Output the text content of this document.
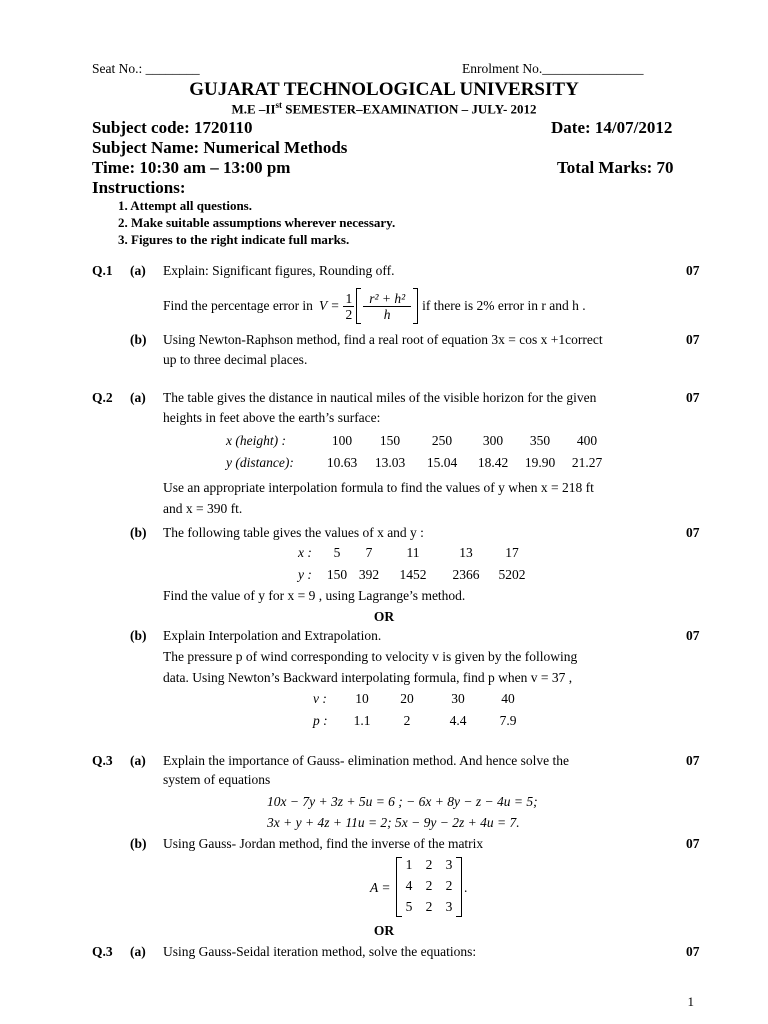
Seat No.: ________	Enrolment No._______________
GUJARAT TECHNOLOGICAL UNIVERSITY
M.E –IIst SEMESTER–EXAMINATION – JULY- 2012
Subject code: 1720110	Date: 14/07/2012
Subject Name: Numerical Methods
Time: 10:30 am – 13:00 pm	Total Marks: 70
Instructions:
1. Attempt all questions.
2. Make suitable assumptions wherever necessary.
3. Figures to the right indicate full marks.
Q.1 (a) Explain: Significant figures, Rounding off.	07
Find the percentage error in $V = \frac{1}{2} \frac{\text{r² + h²}}{h}$ if there is 2% error in r and h .
(b) Using Newton-Raphson method, find a real root of equation 3x = cos x +1correct	07
up to three decimal places.
Q.2 (a) The table gives the distance in nautical miles of the visible horizon for the given	07
heights in feet above the earth’s surface:
x (height) :	100 150 250 300 350 400
y (distance): 10.63 13.03 15.04 18.42 19.90 21.27
Use an appropriate interpolation formula to find the values of y when x = 218 ft
and x = 390 ft.
(b) The following table gives the values of x and y :	07
x : 5 7	11	13 17
y : 150 392 1452 2366 5202
Find the value of y for x = 9 , using Lagrange’s method.
OR
(b) Explain Interpolation and Extrapolation.	07
The pressure p of wind corresponding to velocity v is given by the following
data. Using Newton’s Backward interpolating formula, find p when v = 37 ,
v : 10 20	30	40
p : 1.1 2	4.4 7.9
Q.3 (a) Explain the importance of Gauss- elimination method. And hence solve the	07
system of equations
10x − 7y + 3z + 5u = 6 ; − 6x + 8y − z − 4u = 5;
3x + y + 4z + 11u = 2; 5x − 9y − 2z + 4u = 7.
(b) Using Gauss- Jordan method, find the inverse of the matrix	07
A =
1 2 3
4 2 2
5 2 3
.
OR
Q.3 (a) Using Gauss-Seidal iteration method, solve the equations:	07
1
